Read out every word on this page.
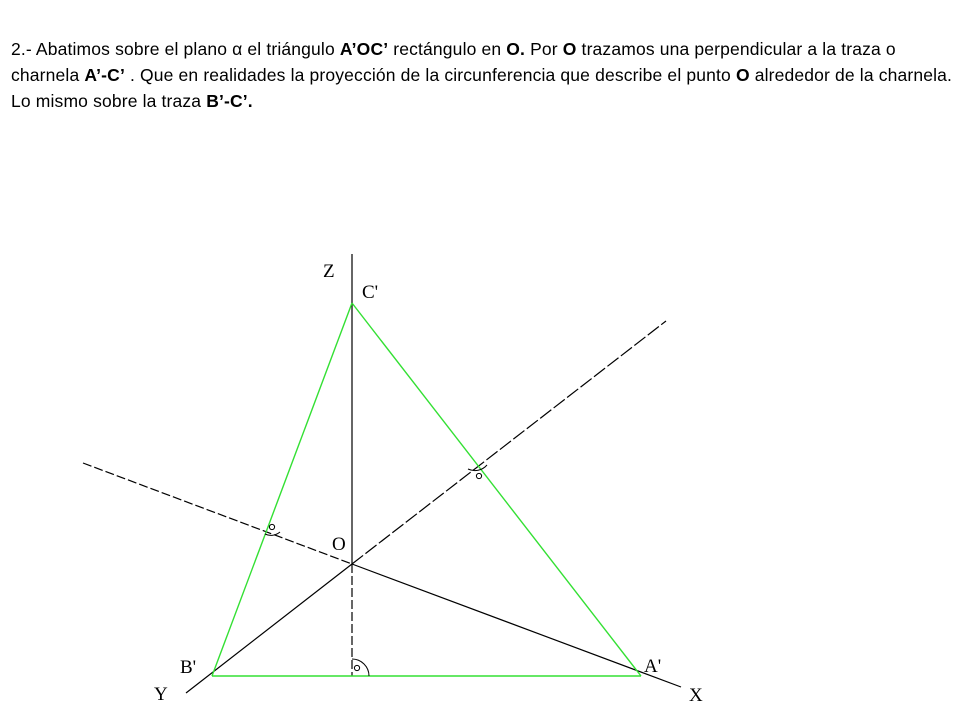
2.- Abatimos sobre el plano α el triángulo A’OC’ rectángulo en O. Por O trazamos una perpendicular a la traza o charnela A’-C’ . Que en realidades la proyección de la circunferencia que describe el punto O alrededor de la charnela. Lo mismo sobre la traza B’-C’.

Z
C'
O
B'	A'
Y	X
